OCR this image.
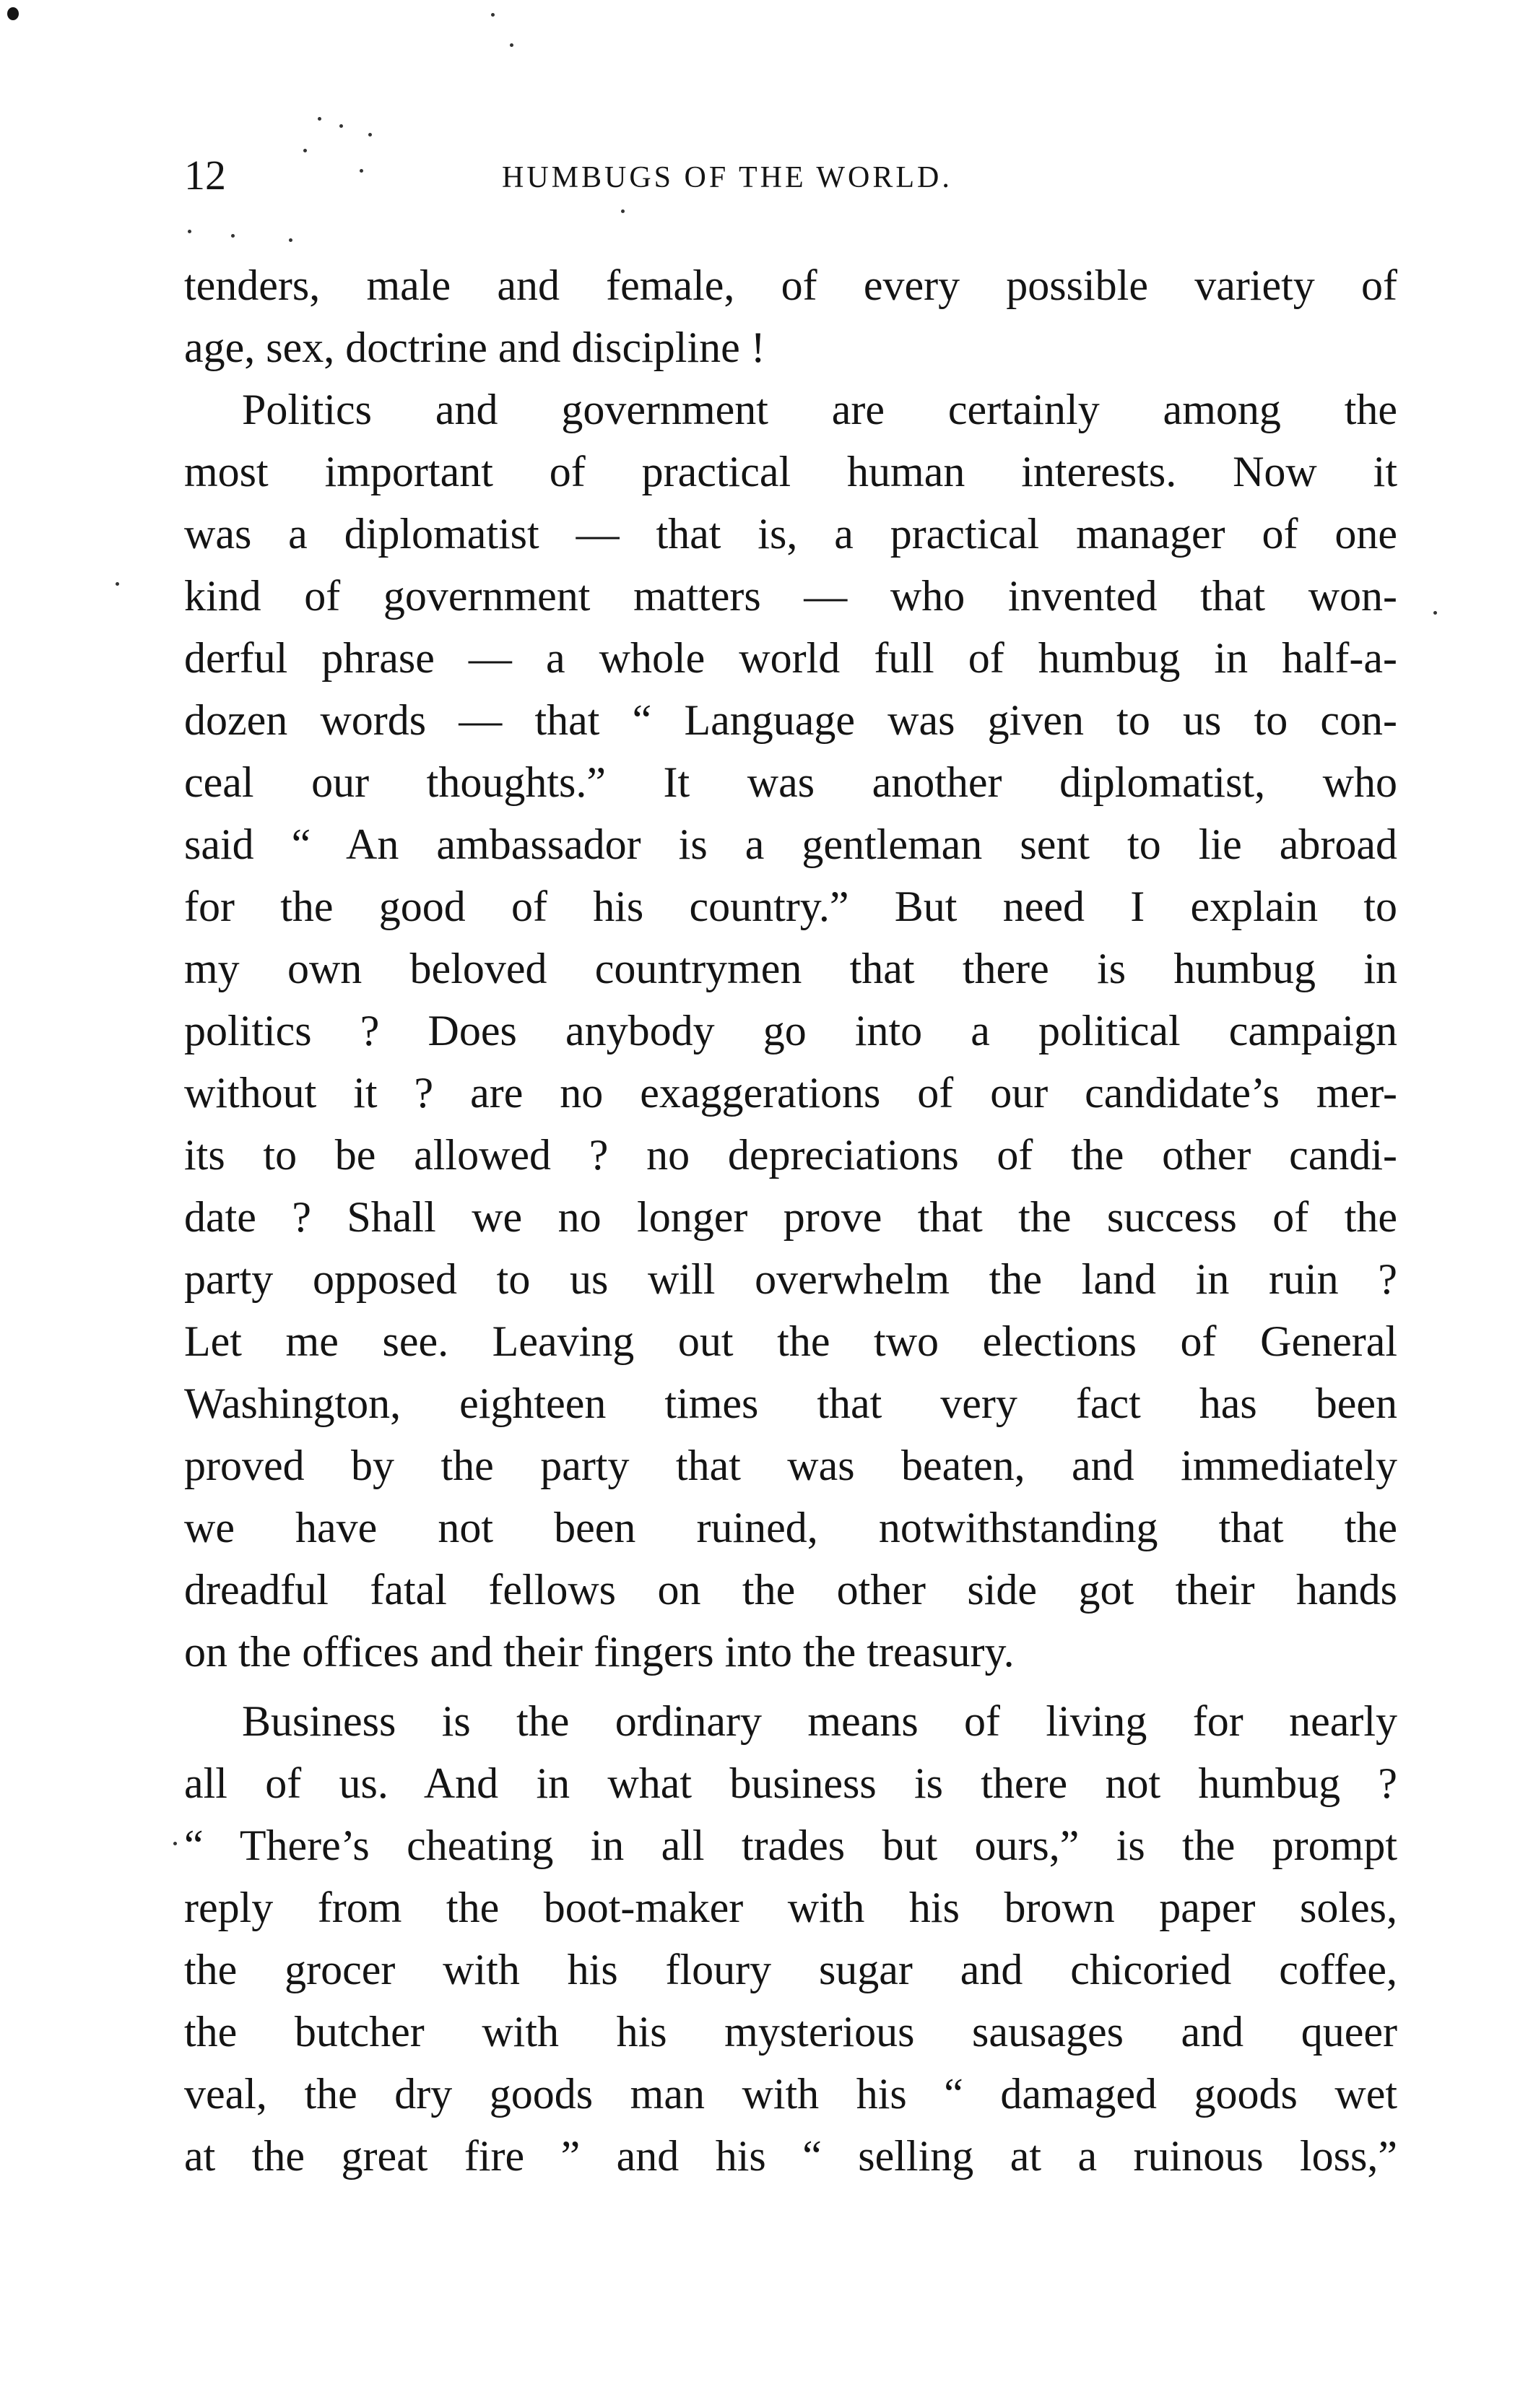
12	HUMBUGS OF THE WORLD.
tenders, male and female, of every possible variety of
age, sex, doctrine and discipline !
Politics and government are certainly among the
most important of practical human interests. Now it
was a diplomatist — that is, a practical manager of one
kind of government matters — who invented that won-
derful phrase — a whole world full of humbug in half-a-
dozen words — that “ Language was given to us to con-
ceal our thoughts.” It was another diplomatist, who
said “ An ambassador is a gentleman sent to lie abroad
for the good of his country.” But need I explain to
my own beloved countrymen that there is humbug in
politics ? Does anybody go into a political campaign
without it ? are no exaggerations of our candidate’s mer-
its to be allowed ? no depreciations of the other candi-
date ? Shall we no longer prove that the success of the
party opposed to us will overwhelm the land in ruin ?
Let me see. Leaving out the two elections of General
Washington, eighteen times that very fact has been
proved by the party that was beaten, and immediately
we have not been ruined, notwithstanding that the
dreadful fatal fellows on the other side got their hands
on the offices and their fingers into the treasury.
Business is the ordinary means of living for nearly
all of us. And in what business is there not humbug ?
“ There’s cheating in all trades but ours,” is the prompt
reply from the boot-maker with his brown paper soles,
the grocer with his floury sugar and chicoried coffee,
the butcher with his mysterious sausages and queer
veal, the dry goods man with his “ damaged goods wet
at the great fire ” and his “ selling at a ruinous loss,”
